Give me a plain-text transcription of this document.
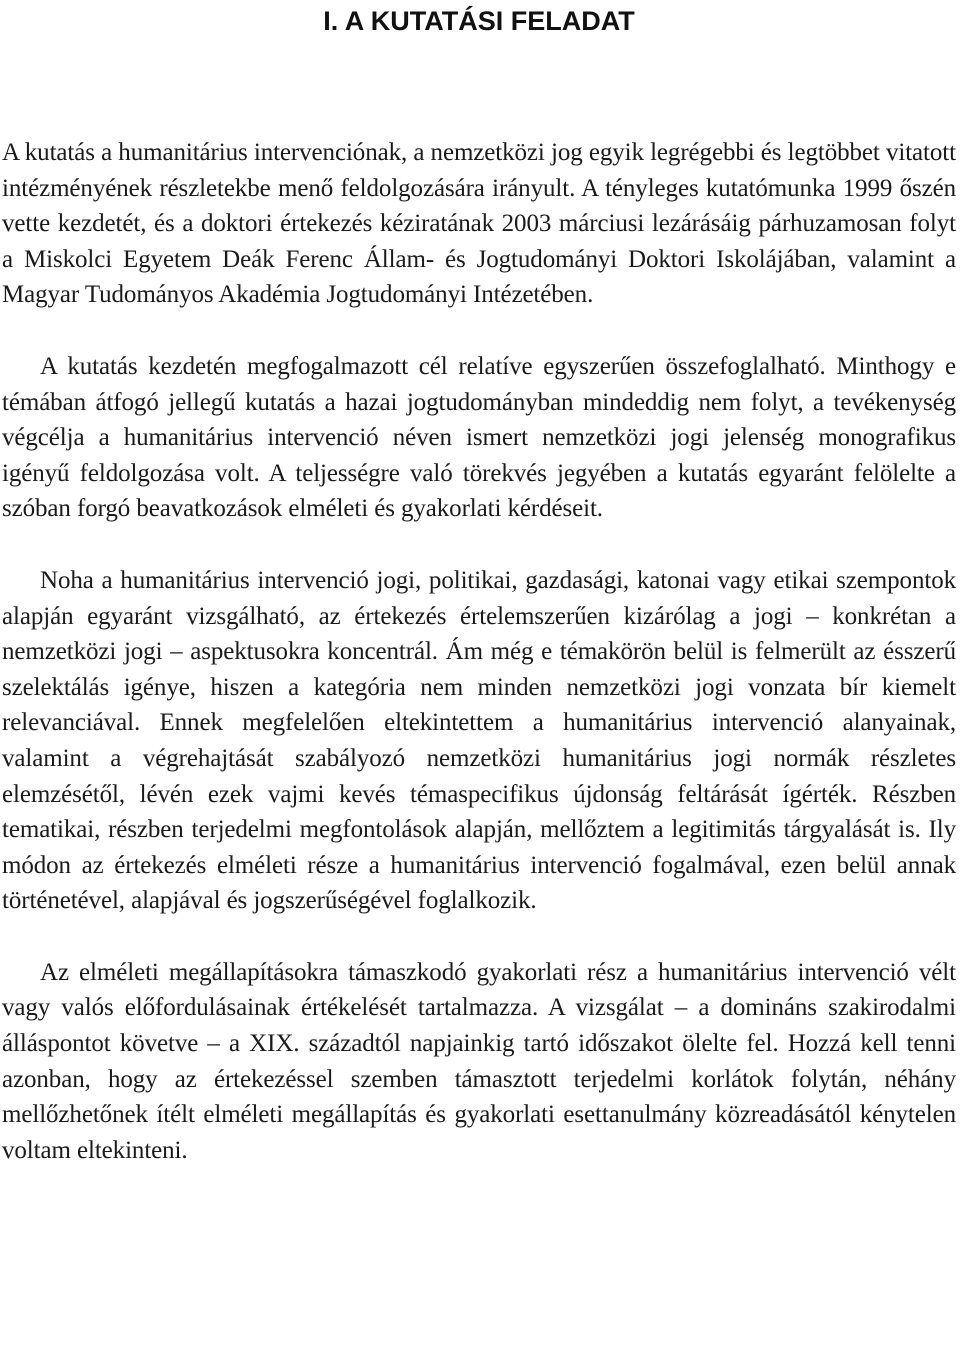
I. A KUTATÁSI FELADAT

A kutatás a humanitárius intervenciónak, a nemzetközi jog egyik legrégebbi és legtöbbet vitatott intézményének részletekbe menő feldolgozására irányult. A tényleges kutatómunka 1999 őszén vette kezdetét, és a doktori értekezés kéziratának 2003 márciusi lezárásáig párhuzamosan folyt a Miskolci Egyetem Deák Ferenc Állam- és Jogtudományi Doktori Iskolájában, valamint a Magyar Tudományos Akadémia Jogtudományi Intézetében.

A kutatás kezdetén megfogalmazott cél relatíve egyszerűen összefoglalható. Minthogy e témában átfogó jellegű kutatás a hazai jogtudományban mindeddig nem folyt, a tevékenység végcélja a humanitárius intervenció néven ismert nemzetközi jogi jelenség monografikus igényű feldolgozása volt. A teljességre való törekvés jegyében a kutatás egyaránt felölelte a szóban forgó beavatkozások elméleti és gyakorlati kérdéseit.

Noha a humanitárius intervenció jogi, politikai, gazdasági, katonai vagy etikai szempontok alapján egyaránt vizsgálható, az értekezés értelemszerűen kizárólag a jogi – konkrétan a nemzetközi jogi – aspektusokra koncentrál. Ám még e témakörön belül is felmerült az ésszerű szelektálás igénye, hiszen a kategória nem minden nemzetközi jogi vonzata bír kiemelt relevanciával. Ennek megfelelően eltekintettem a humanitárius intervenció alanyainak, valamint a végrehajtását szabályozó nemzetközi humanitárius jogi normák részletes elemzésétől, lévén ezek vajmi kevés témaspecifikus újdonság feltárását ígérték. Részben tematikai, részben terjedelmi megfontolások alapján, mellőztem a legitimitás tárgyalását is. Ily módon az értekezés elméleti része a humanitárius intervenció fogalmával, ezen belül annak történetével, alapjával és jogszerűségével foglalkozik.

Az elméleti megállapításokra támaszkodó gyakorlati rész a humanitárius intervenció vélt vagy valós előfordulásainak értékelését tartalmazza. A vizsgálat – a domináns szakirodalmi álláspontot követve – a XIX. századtól napjainkig tartó időszakot ölelte fel. Hozzá kell tenni azonban, hogy az értekezéssel szemben támasztott terjedelmi korlátok folytán, néhány mellőzhetőnek ítélt elméleti megállapítás és gyakorlati esettanulmány közreadásától kénytelen voltam eltekinteni.
